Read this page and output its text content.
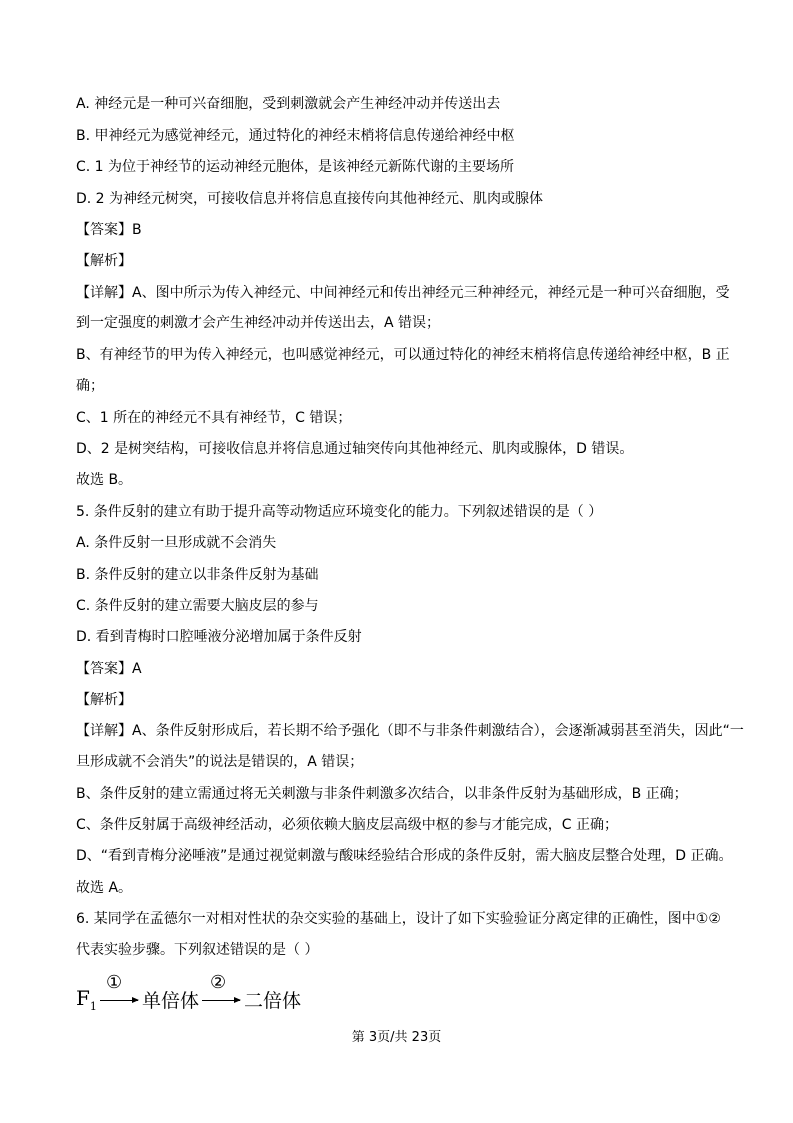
A. 神经元是一种可兴奋细胞，受到刺激就会产生神经冲动并传送出去
B. 甲神经元为感觉神经元，通过特化的神经末梢将信息传递给神经中枢
C. 1 为位于神经节的运动神经元胞体，是该神经元新陈代谢的主要场所
D. 2 为神经元树突，可接收信息并将信息直接传向其他神经元、肌肉或腺体
【答案】B
【解析】
【详解】A、图中所示为传入神经元、中间神经元和传出神经元三种神经元，神经元是一种可兴奋细胞，受
到一定强度的刺激才会产生神经冲动并传送出去，A 错误；
B、有神经节的甲为传入神经元，也叫感觉神经元，可以通过特化的神经末梢将信息传递给神经中枢，B 正
确；
C、1 所在的神经元不具有神经节，C 错误；
D、2 是树突结构，可接收信息并将信息通过轴突传向其他神经元、肌肉或腺体，D 错误。
故选 B。
5. 条件反射的建立有助于提升高等动物适应环境变化的能力。下列叙述错误的是（ ）
A. 条件反射一旦形成就不会消失
B. 条件反射的建立以非条件反射为基础
C. 条件反射的建立需要大脑皮层的参与
D. 看到青梅时口腔唾液分泌增加属于条件反射
【答案】A
【解析】
【详解】A、条件反射形成后，若长期不给予强化（即不与非条件刺激结合），会逐渐减弱甚至消失，因此“一
旦形成就不会消失”的说法是错误的，A 错误；
B、条件反射的建立需通过将无关刺激与非条件刺激多次结合，以非条件反射为基础形成，B 正确；
C、条件反射属于高级神经活动，必须依赖大脑皮层高级中枢的参与才能完成，C 正确；
D、“看到青梅分泌唾液”是通过视觉刺激与酸味经验结合形成的条件反射，需大脑皮层整合处理，D 正确。
故选 A。
6. 某同学在孟德尔一对相对性状的杂交实验的基础上，设计了如下实验验证分离定律的正确性，图中①②
代表实验步骤。下列叙述错误的是（ ）
$F_1$
①
单倍体
②
二倍体
第 3页/共 23页
